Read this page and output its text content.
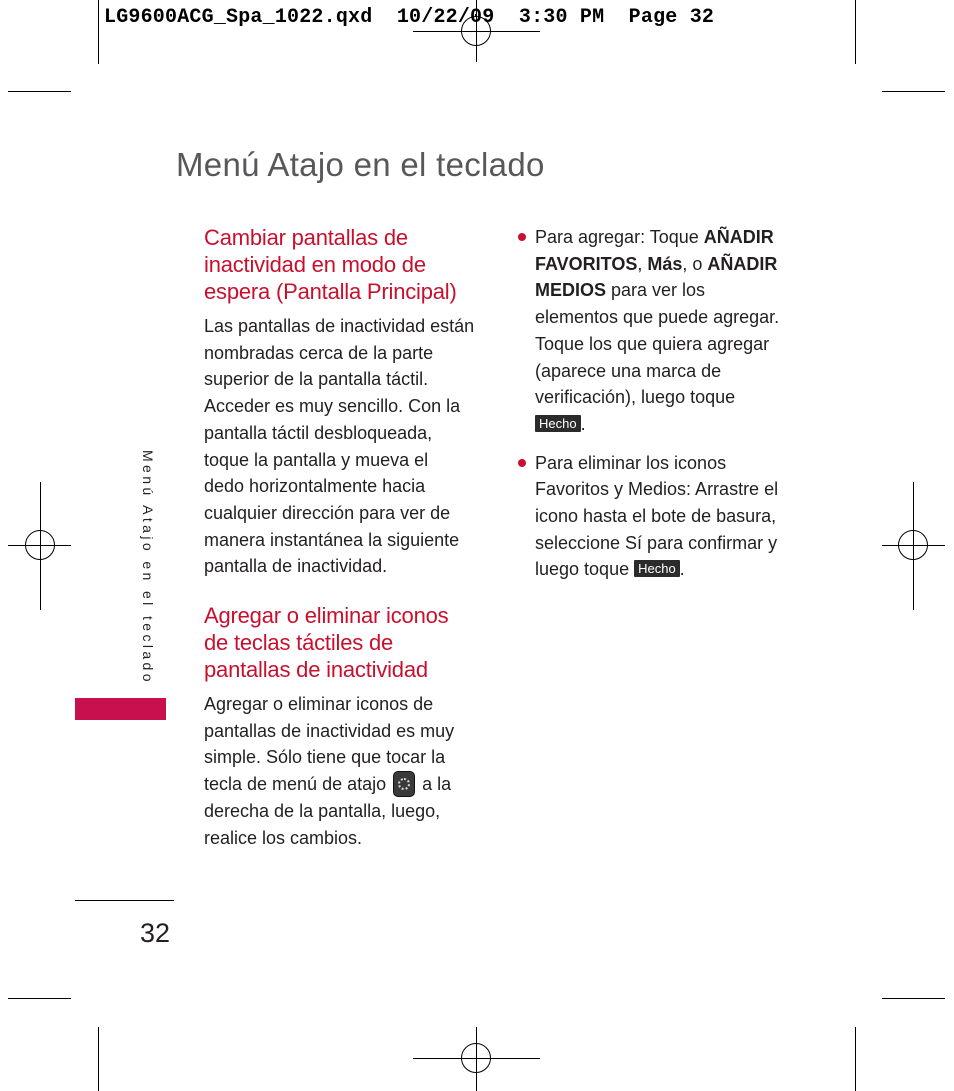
LG9600ACG_Spa_1022.qxd  10/22/09  3:30 PM  Page 32

Menú Atajo en el teclado
Cambiar pantallas de
inactividad en modo de
espera (Pantalla Principal)

Las pantallas de inactividad están
nombradas cerca de la parte
superior de la pantalla táctil.
Acceder es muy sencillo. Con la
pantalla táctil desbloqueada,
toque la pantalla y mueva el
dedo horizontalmente hacia
cualquier dirección para ver de
manera instantánea la siguiente
pantalla de inactividad.

Agregar o eliminar iconos
de teclas táctiles de
pantallas de inactividad

Agregar o eliminar iconos de
pantallas de inactividad es muy
simple. Sólo tiene que tocar la
tecla de menú de atajo a la
derecha de la pantalla, luego,
realice los cambios.

Para agregar: Toque AÑADIR
FAVORITOS, Más, o AÑADIR
MEDIOS para ver los
elementos que puede agregar.
Toque los que quiera agregar
(aparece una marca de
verificación), luego toque
Hecho .

Para eliminar los iconos
Favoritos y Medios: Arrastre el
icono hasta el bote de basura,
seleccione Sí para confirmar y
luego toque Hecho .

Menú Atajo en el teclado

32
